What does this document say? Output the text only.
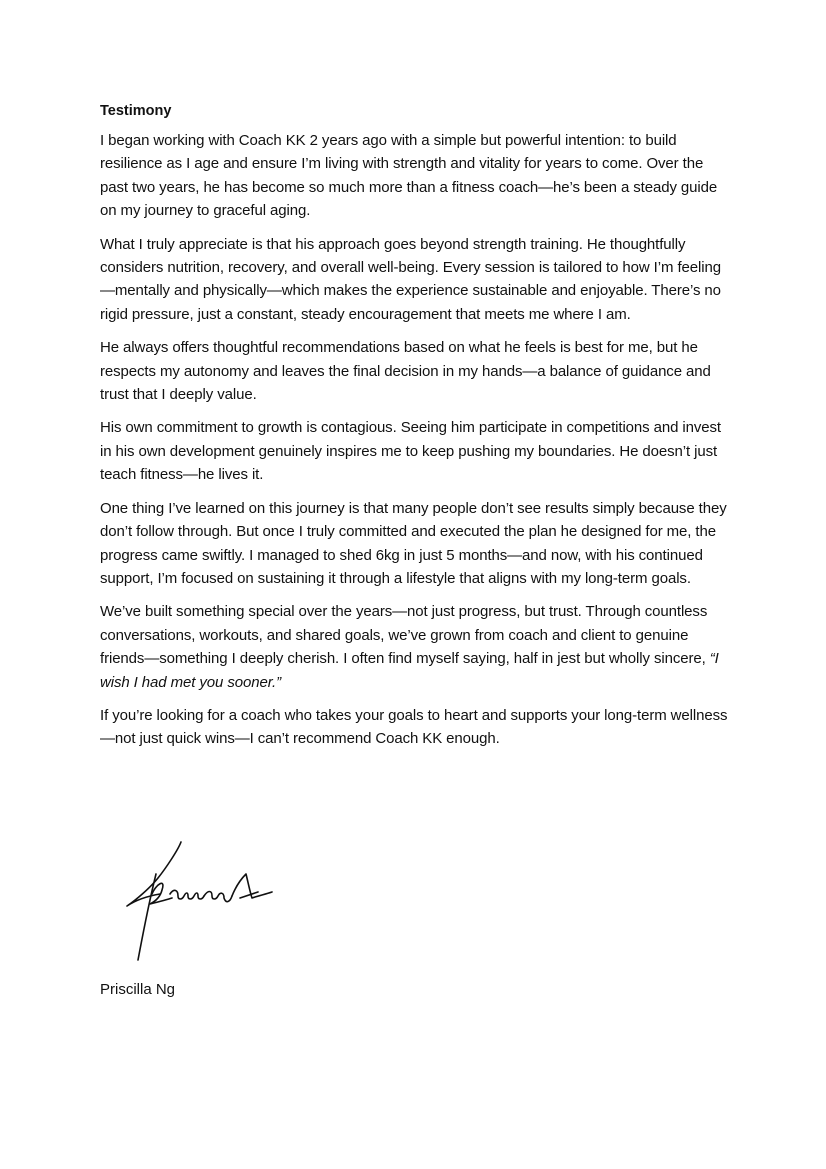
Testimony

I began working with Coach KK 2 years ago with a simple but powerful intention: to build resilience as I age and ensure I’m living with strength and vitality for years to come. Over the past two years, he has become so much more than a fitness coach—he’s been a steady guide on my journey to graceful aging.

What I truly appreciate is that his approach goes beyond strength training. He thoughtfully considers nutrition, recovery, and overall well-being. Every session is tailored to how I’m feeling—mentally and physically—which makes the experience sustainable and enjoyable. There’s no rigid pressure, just a constant, steady encouragement that meets me where I am.

He always offers thoughtful recommendations based on what he feels is best for me, but he respects my autonomy and leaves the final decision in my hands—a balance of guidance and trust that I deeply value.

His own commitment to growth is contagious. Seeing him participate in competitions and invest in his own development genuinely inspires me to keep pushing my boundaries. He doesn’t just teach fitness—he lives it.

One thing I’ve learned on this journey is that many people don’t see results simply because they don’t follow through. But once I truly committed and executed the plan he designed for me, the progress came swiftly. I managed to shed 6kg in just 5 months—and now, with his continued support, I’m focused on sustaining it through a lifestyle that aligns with my long-term goals.

We’ve built something special over the years—not just progress, but trust. Through countless conversations, workouts, and shared goals, we’ve grown from coach and client to genuine friends—something I deeply cherish. I often find myself saying, half in jest but wholly sincere, “I wish I had met you sooner.”

If you’re looking for a coach who takes your goals to heart and supports your long-term wellness—not just quick wins—I can’t recommend Coach KK enough.

Priscilla Ng
